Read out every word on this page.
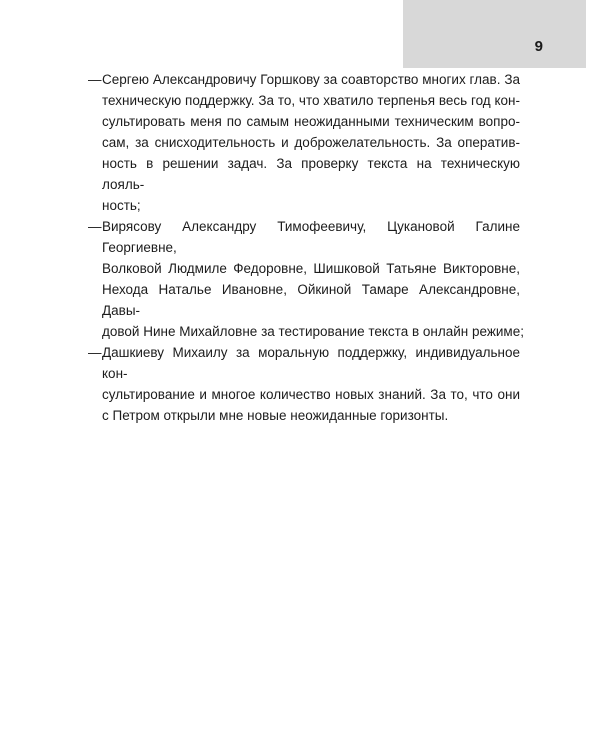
9
— Сергею Александровичу Горшкову за соавторство многих глав. За
техническую поддержку. За то, что хватило терпенья весь год кон-
сультировать меня по самым неожиданными техническим вопро-
сам, за снисходительность и доброжелательность. За оператив-
ность в решении задач. За проверку текста на техническую лояль-
ность;
— Вирясову Александру Тимофеевичу, Цукановой Галине Георгиевне,
Волковой Людмиле Федоровне, Шишковой Татьяне Викторовне,
Нехода Наталье Ивановне, Ойкиной Тамаре Александровне, Давы-
довой Нине Михайловне за тестирование текста в онлайн режиме;
— Дашкиеву Михаилу за моральную поддержку, индивидуальное кон-
сультирование и многое количество новых знаний. За то, что они
с Петром открыли мне новые неожиданные горизонты.
